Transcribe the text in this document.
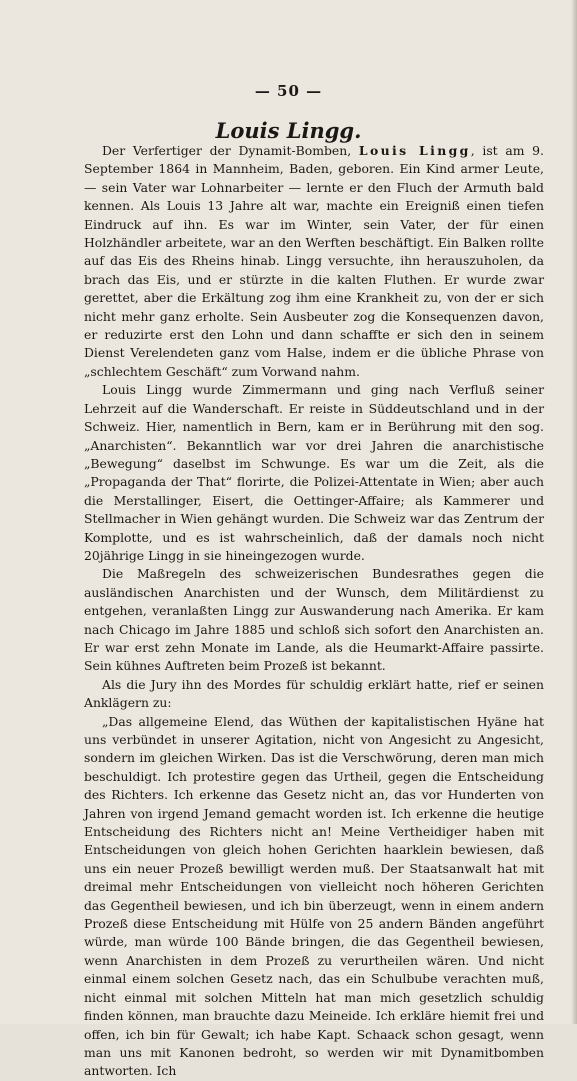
— 50 —
Louis Lingg.

Der Verfertiger der Dynamit-Bomben, Louis Lingg, ist am 9. September 1864 in Mannheim, Baden, geboren. Ein Kind armer Leute, — sein Vater war Lohnarbeiter — lernte er den Fluch der Armuth bald kennen. Als Louis 13 Jahre alt war, machte ein Ereigniß einen tiefen Eindruck auf ihn. Es war im Winter, sein Vater, der für einen Holzhändler arbeitete, war an den Werften beschäftigt. Ein Balken rollte auf das Eis des Rheins hinab. Lingg versuchte, ihn herauszuholen, da brach das Eis, und er stürzte in die kalten Fluthen. Er wurde zwar gerettet, aber die Erkältung zog ihm eine Krankheit zu, von der er sich nicht mehr ganz erholte. Sein Ausbeuter zog die Konsequenzen davon, er reduzirte erst den Lohn und dann schaffte er sich den in seinem Dienst Verelendeten ganz vom Halse, indem er die übliche Phrase von „schlechtem Geschäft“ zum Vorwand nahm.

Louis Lingg wurde Zimmermann und ging nach Verfluß seiner Lehrzeit auf die Wanderschaft. Er reiste in Süddeutschland und in der Schweiz. Hier, namentlich in Bern, kam er in Berührung mit den sog. „Anarchisten“. Bekanntlich war vor drei Jahren die anarchistische „Bewegung“ daselbst im Schwunge. Es war um die Zeit, als die „Propaganda der That“ florirte, die Polizei-Attentate in Wien; aber auch die Merstallinger, Eisert, die Oettinger-Affaire; als Kammerer und Stellmacher in Wien gehängt wurden. Die Schweiz war das Zentrum der Komplotte, und es ist wahrscheinlich, daß der damals noch nicht 20jährige Lingg in sie hineingezogen wurde.

Die Maßregeln des schweizerischen Bundesrathes gegen die ausländischen Anarchisten und der Wunsch, dem Militärdienst zu entgehen, veranlaßten Lingg zur Auswanderung nach Amerika. Er kam nach Chicago im Jahre 1885 und schloß sich sofort den Anarchisten an. Er war erst zehn Monate im Lande, als die Heumarkt-Affaire passirte. Sein kühnes Auftreten beim Prozeß ist bekannt.

Als die Jury ihn des Mordes für schuldig erklärt hatte, rief er seinen Anklägern zu:

„Das allgemeine Elend, das Wüthen der kapitalistischen Hyäne hat uns verbündet in unserer Agitation, nicht von Angesicht zu Angesicht, sondern im gleichen Wirken. Das ist die Verschwörung, deren man mich beschuldigt. Ich protestire gegen das Urtheil, gegen die Entscheidung des Richters. Ich erkenne das Gesetz nicht an, das vor Hunderten von Jahren von irgend Jemand gemacht worden ist. Ich erkenne die heutige Entscheidung des Richters nicht an! Meine Vertheidiger haben mit Entscheidungen von gleich hohen Gerichten haarklein bewiesen, daß uns ein neuer Prozeß bewilligt werden muß. Der Staatsanwalt hat mit dreimal mehr Entscheidungen von vielleicht noch höheren Gerichten das Gegentheil bewiesen, und ich bin überzeugt, wenn in einem andern Prozeß diese Entscheidung mit Hülfe von 25 andern Bänden angeführt würde, man würde 100 Bände bringen, die das Gegentheil bewiesen, wenn Anarchisten in dem Prozeß zu verurtheilen wären. Und nicht einmal einem solchen Gesetz nach, das ein Schulbube verachten muß, nicht einmal mit solchen Mitteln hat man mich gesetzlich schuldig finden können, man brauchte dazu Meineide. Ich erkläre hiemit frei und offen, ich bin für Gewalt; ich habe Kapt. Schaack schon gesagt, wenn man uns mit Kanonen bedroht, so werden wir mit Dynamitbomben antworten. Ich
